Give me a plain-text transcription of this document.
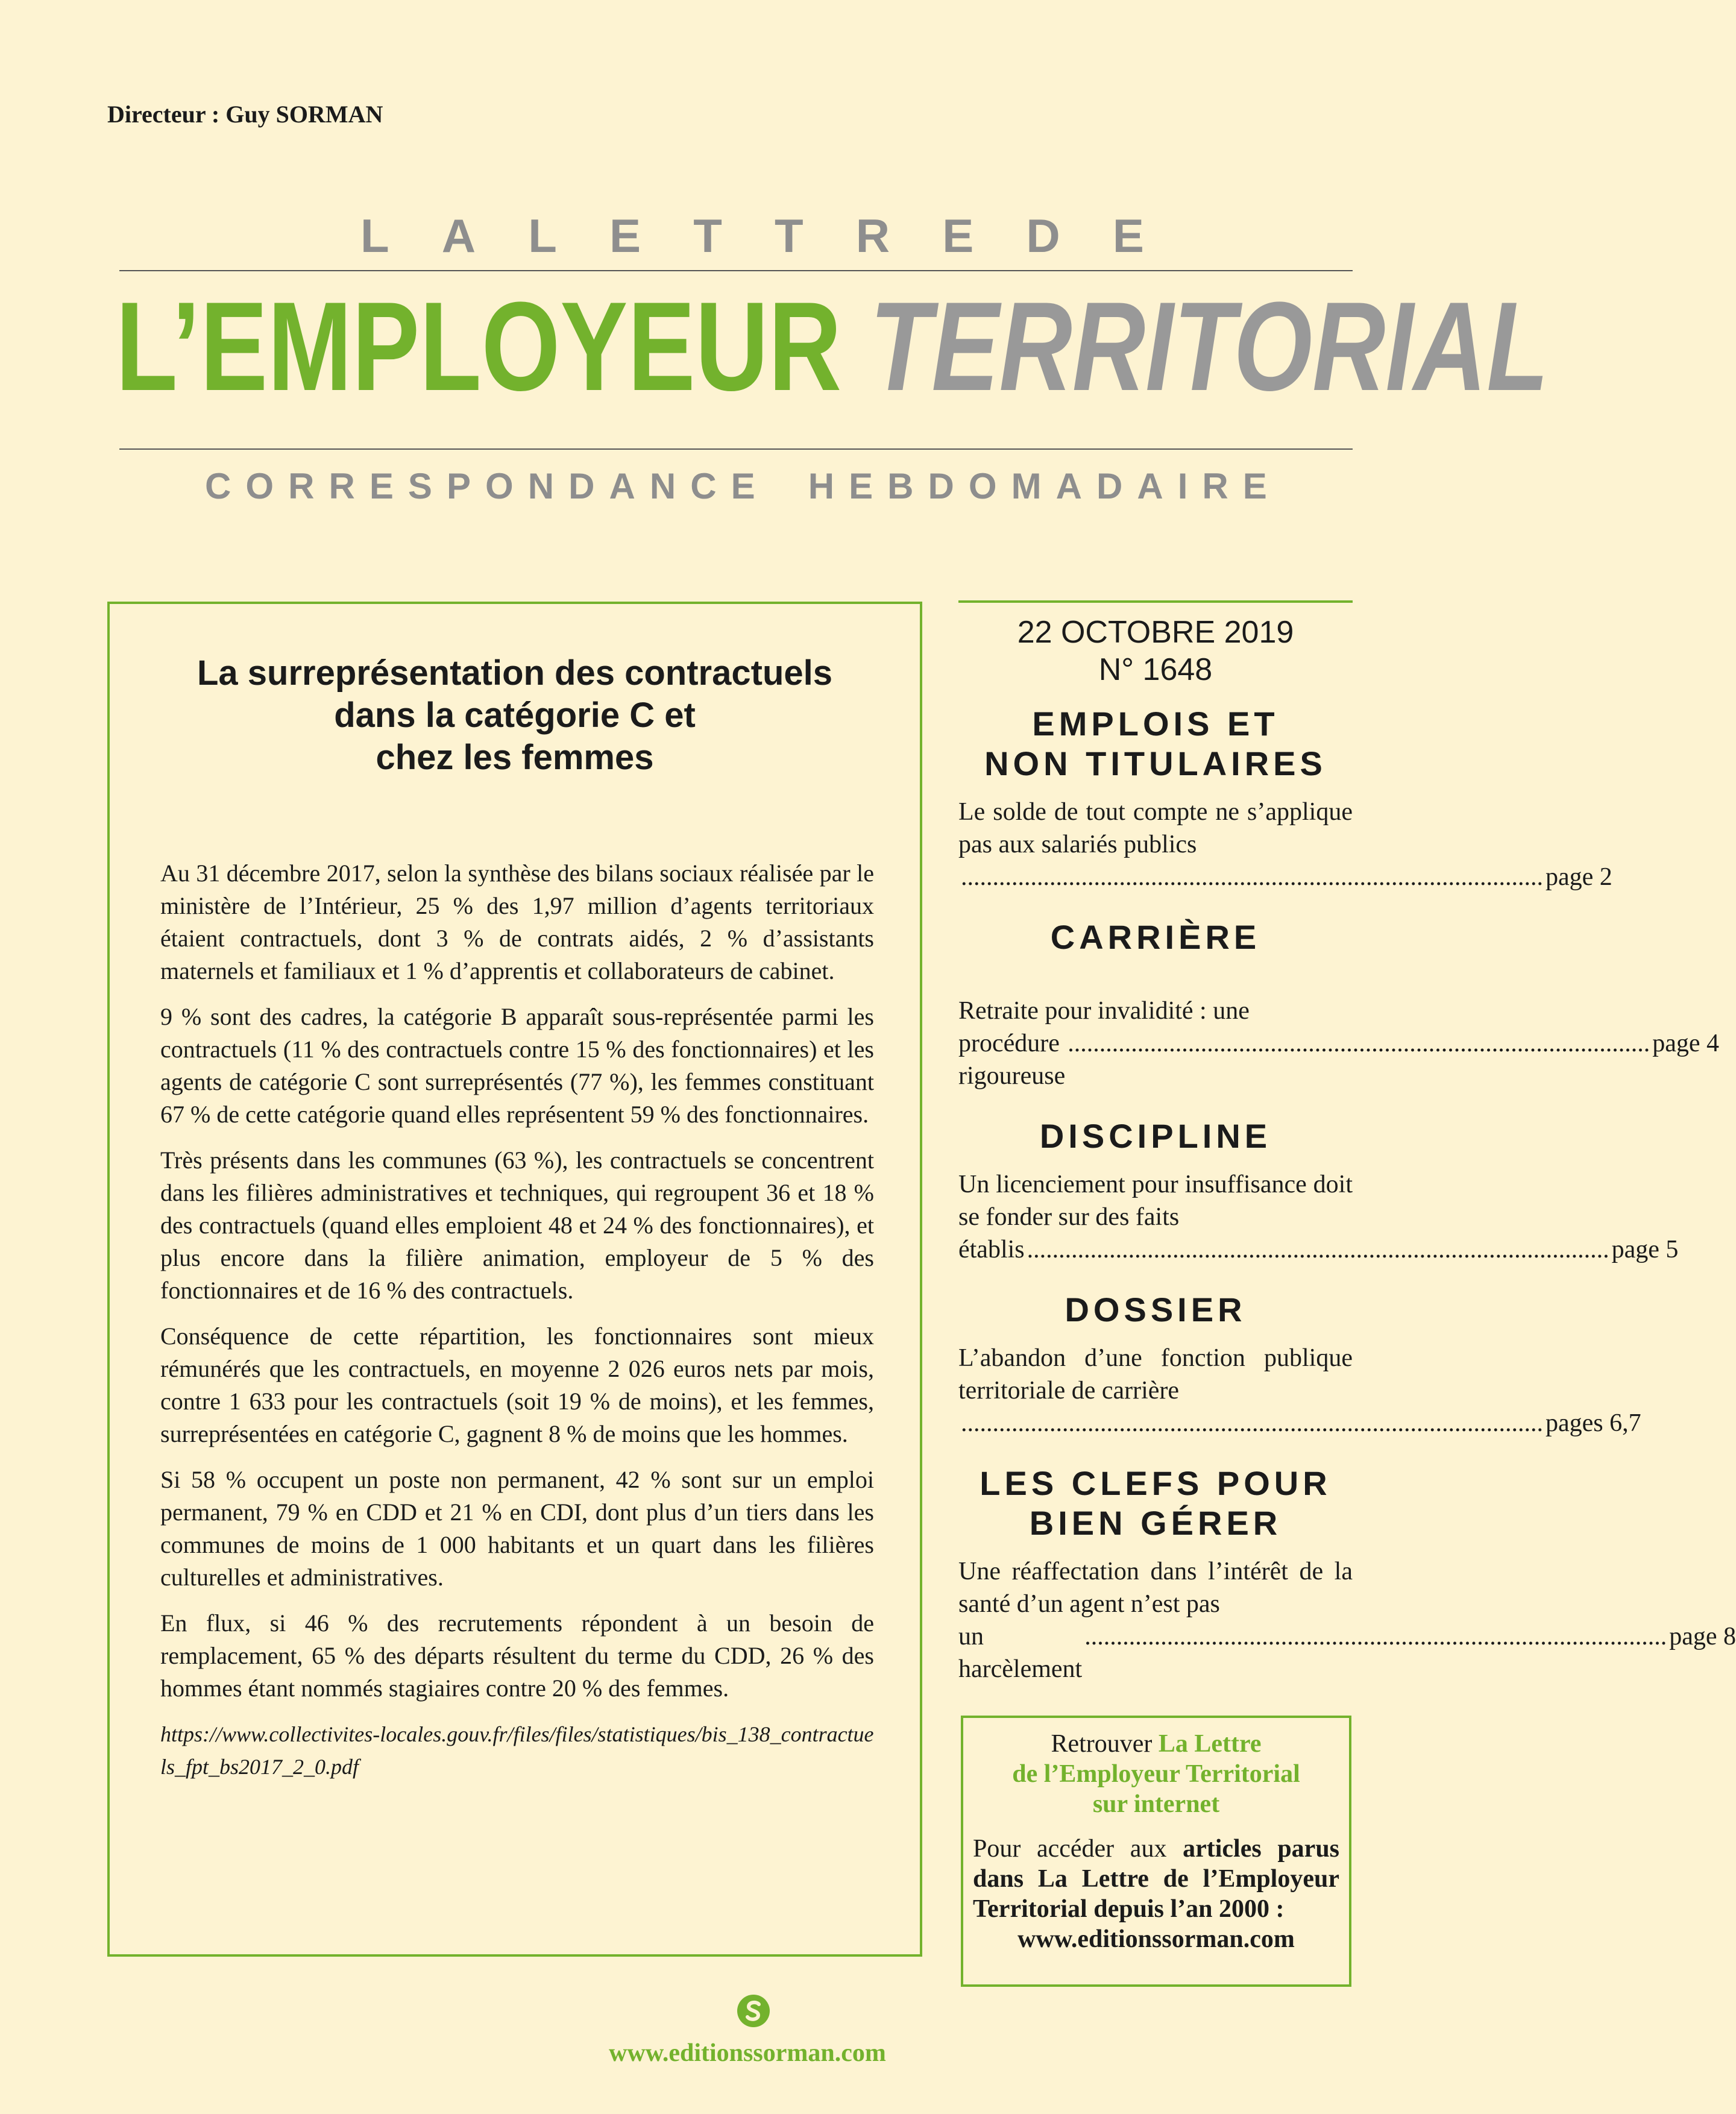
Directeur : Guy SORMAN
L A L E T T R E D E
L’EMPLOYEUR TERRITORIAL
C O R R E S P O N D A N C E H E B D O M A D A I R E
La surreprésentation des contractuels
dans la catégorie C et
chez les femmes

Au 31 décembre 2017, selon la synthèse des bilans sociaux réalisée par le ministère de l’Intérieur, 25 % des 1,97 million d’agents territoriaux étaient contractuels, dont 3 % de contrats aidés, 2 % d’assistants maternels et familiaux et 1 % d’apprentis et collaborateurs de cabinet.

9 % sont des cadres, la catégorie B apparaît sous-représentée parmi les contractuels (11 % des contractuels contre 15 % des fonctionnaires) et les agents de catégorie C sont surreprésentés (77 %), les femmes constituant 67 % de cette catégorie quand elles représentent 59 % des fonctionnaires.

Très présents dans les communes (63 %), les contractuels se concentrent dans les filières administratives et techniques, qui regroupent 36 et 18 % des contractuels (quand elles emploient 48 et 24 % des fonctionnaires), et plus encore dans la filière animation, employeur de 5 % des fonctionnaires et de 16 % des contractuels.

Conséquence de cette répartition, les fonctionnaires sont mieux rémunérés que les contractuels, en moyenne 2 026 euros nets par mois, contre 1 633 pour les contractuels (soit 19 % de moins), et les femmes, surreprésentées en catégorie C, gagnent 8 % de moins que les hommes.

Si 58 % occupent un poste non permanent, 42 % sont sur un emploi permanent, 79 % en CDD et 21 % en CDI, dont plus d’un tiers dans les communes de moins de 1 000 habitants et un quart dans les filières culturelles et administratives.

En flux, si 46 % des recrutements répondent à un besoin de remplacement, 65 % des départs résultent du terme du CDD, 26 % des hommes étant nommés stagiaires contre 20 % des femmes.

https://www.collectivites-locales.gouv.fr/files/files/statistiques/bis_138_contractuels_fpt_bs2017_2_0.pdf
22 OCTOBRE 2019
N° 1648
EMPLOIS ET
NON TITULAIRES
Le solde de tout compte ne s’applique pas aux salariés publics
............................................................................................ page 2
CARRIÈRE
Retraite pour invalidité : une
procédure rigoureuse
............................................................................................ page 4
DISCIPLINE
Un licenciement pour insuffisance doit se fonder sur des faits
établis ............................................................................................ page 5
DOSSIER
L’abandon d’une fonction publique territoriale de carrière
............................................................................................ pages 6,7
LES CLEFS POUR
BIEN GÉRER
Une réaffectation dans l’intérêt de la santé d’un agent n’est pas
un harcèlement
............................................................................................ page 8
Retrouver La Lettre
de l’Employeur Territorial
sur internet
Pour accéder aux articles parus dans La Lettre de l’Employeur Territorial depuis l’an 2000 :
www.editionssorman.com
www.editionssorman.com
